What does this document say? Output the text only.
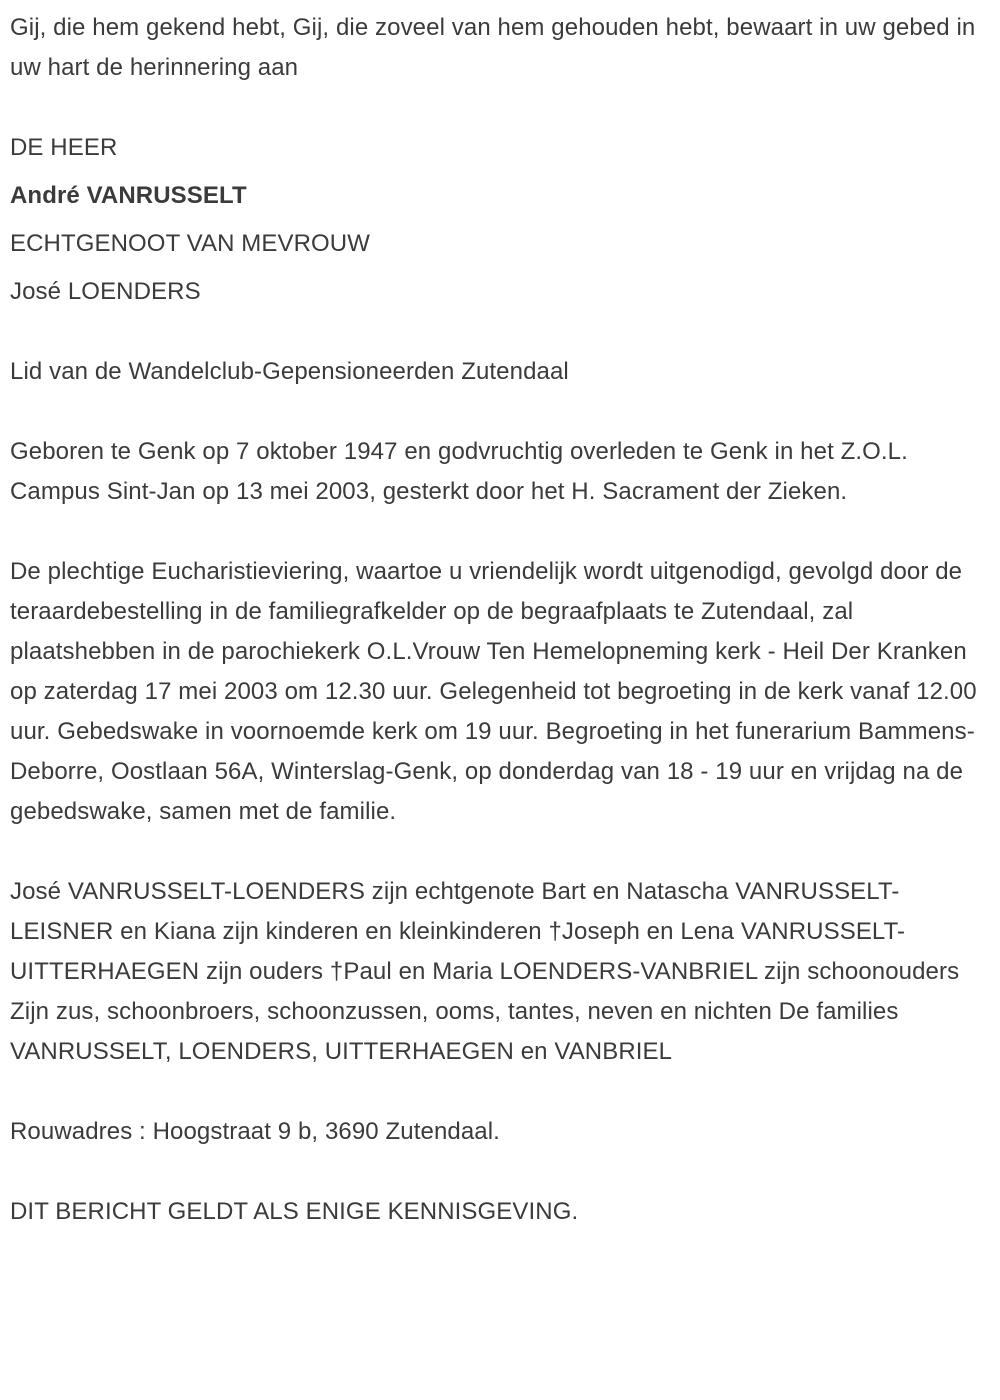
Gij, die hem gekend hebt, Gij, die zoveel van hem gehouden hebt, bewaart in uw gebed in uw hart de herinnering aan

DE HEER

André VANRUSSELT

ECHTGENOOT VAN MEVROUW

José LOENDERS

Lid van de Wandelclub-Gepensioneerden Zutendaal

Geboren te Genk op 7 oktober 1947 en godvruchtig overleden te Genk in het Z.O.L. Campus Sint-Jan op 13 mei 2003, gesterkt door het H. Sacrament der Zieken.

De plechtige Eucharistieviering, waartoe u vriendelijk wordt uitgenodigd, gevolgd door de teraardebestelling in de familiegrafkelder op de begraafplaats te Zutendaal, zal plaatshebben in de parochiekerk O.L.Vrouw Ten Hemelopneming kerk - Heil Der Kranken op zaterdag 17 mei 2003 om 12.30 uur. Gelegenheid tot begroeting in de kerk vanaf 12.00 uur. Gebedswake in voornoemde kerk om 19 uur. Begroeting in het funerarium Bammens-Deborre, Oostlaan 56A, Winterslag-Genk, op donderdag van 18 - 19 uur en vrijdag na de gebedswake, samen met de familie.

José VANRUSSELT-LOENDERS zijn echtgenote Bart en Natascha VANRUSSELT-LEISNER en Kiana zijn kinderen en kleinkinderen †Joseph en Lena VANRUSSELT-UITTERHAEGEN zijn ouders †Paul en Maria LOENDERS-VANBRIEL zijn schoonouders Zijn zus, schoonbroers, schoonzussen, ooms, tantes, neven en nichten De families VANRUSSELT, LOENDERS, UITTERHAEGEN en VANBRIEL

Rouwadres : Hoogstraat 9 b, 3690 Zutendaal.

DIT BERICHT GELDT ALS ENIGE KENNISGEVING.
